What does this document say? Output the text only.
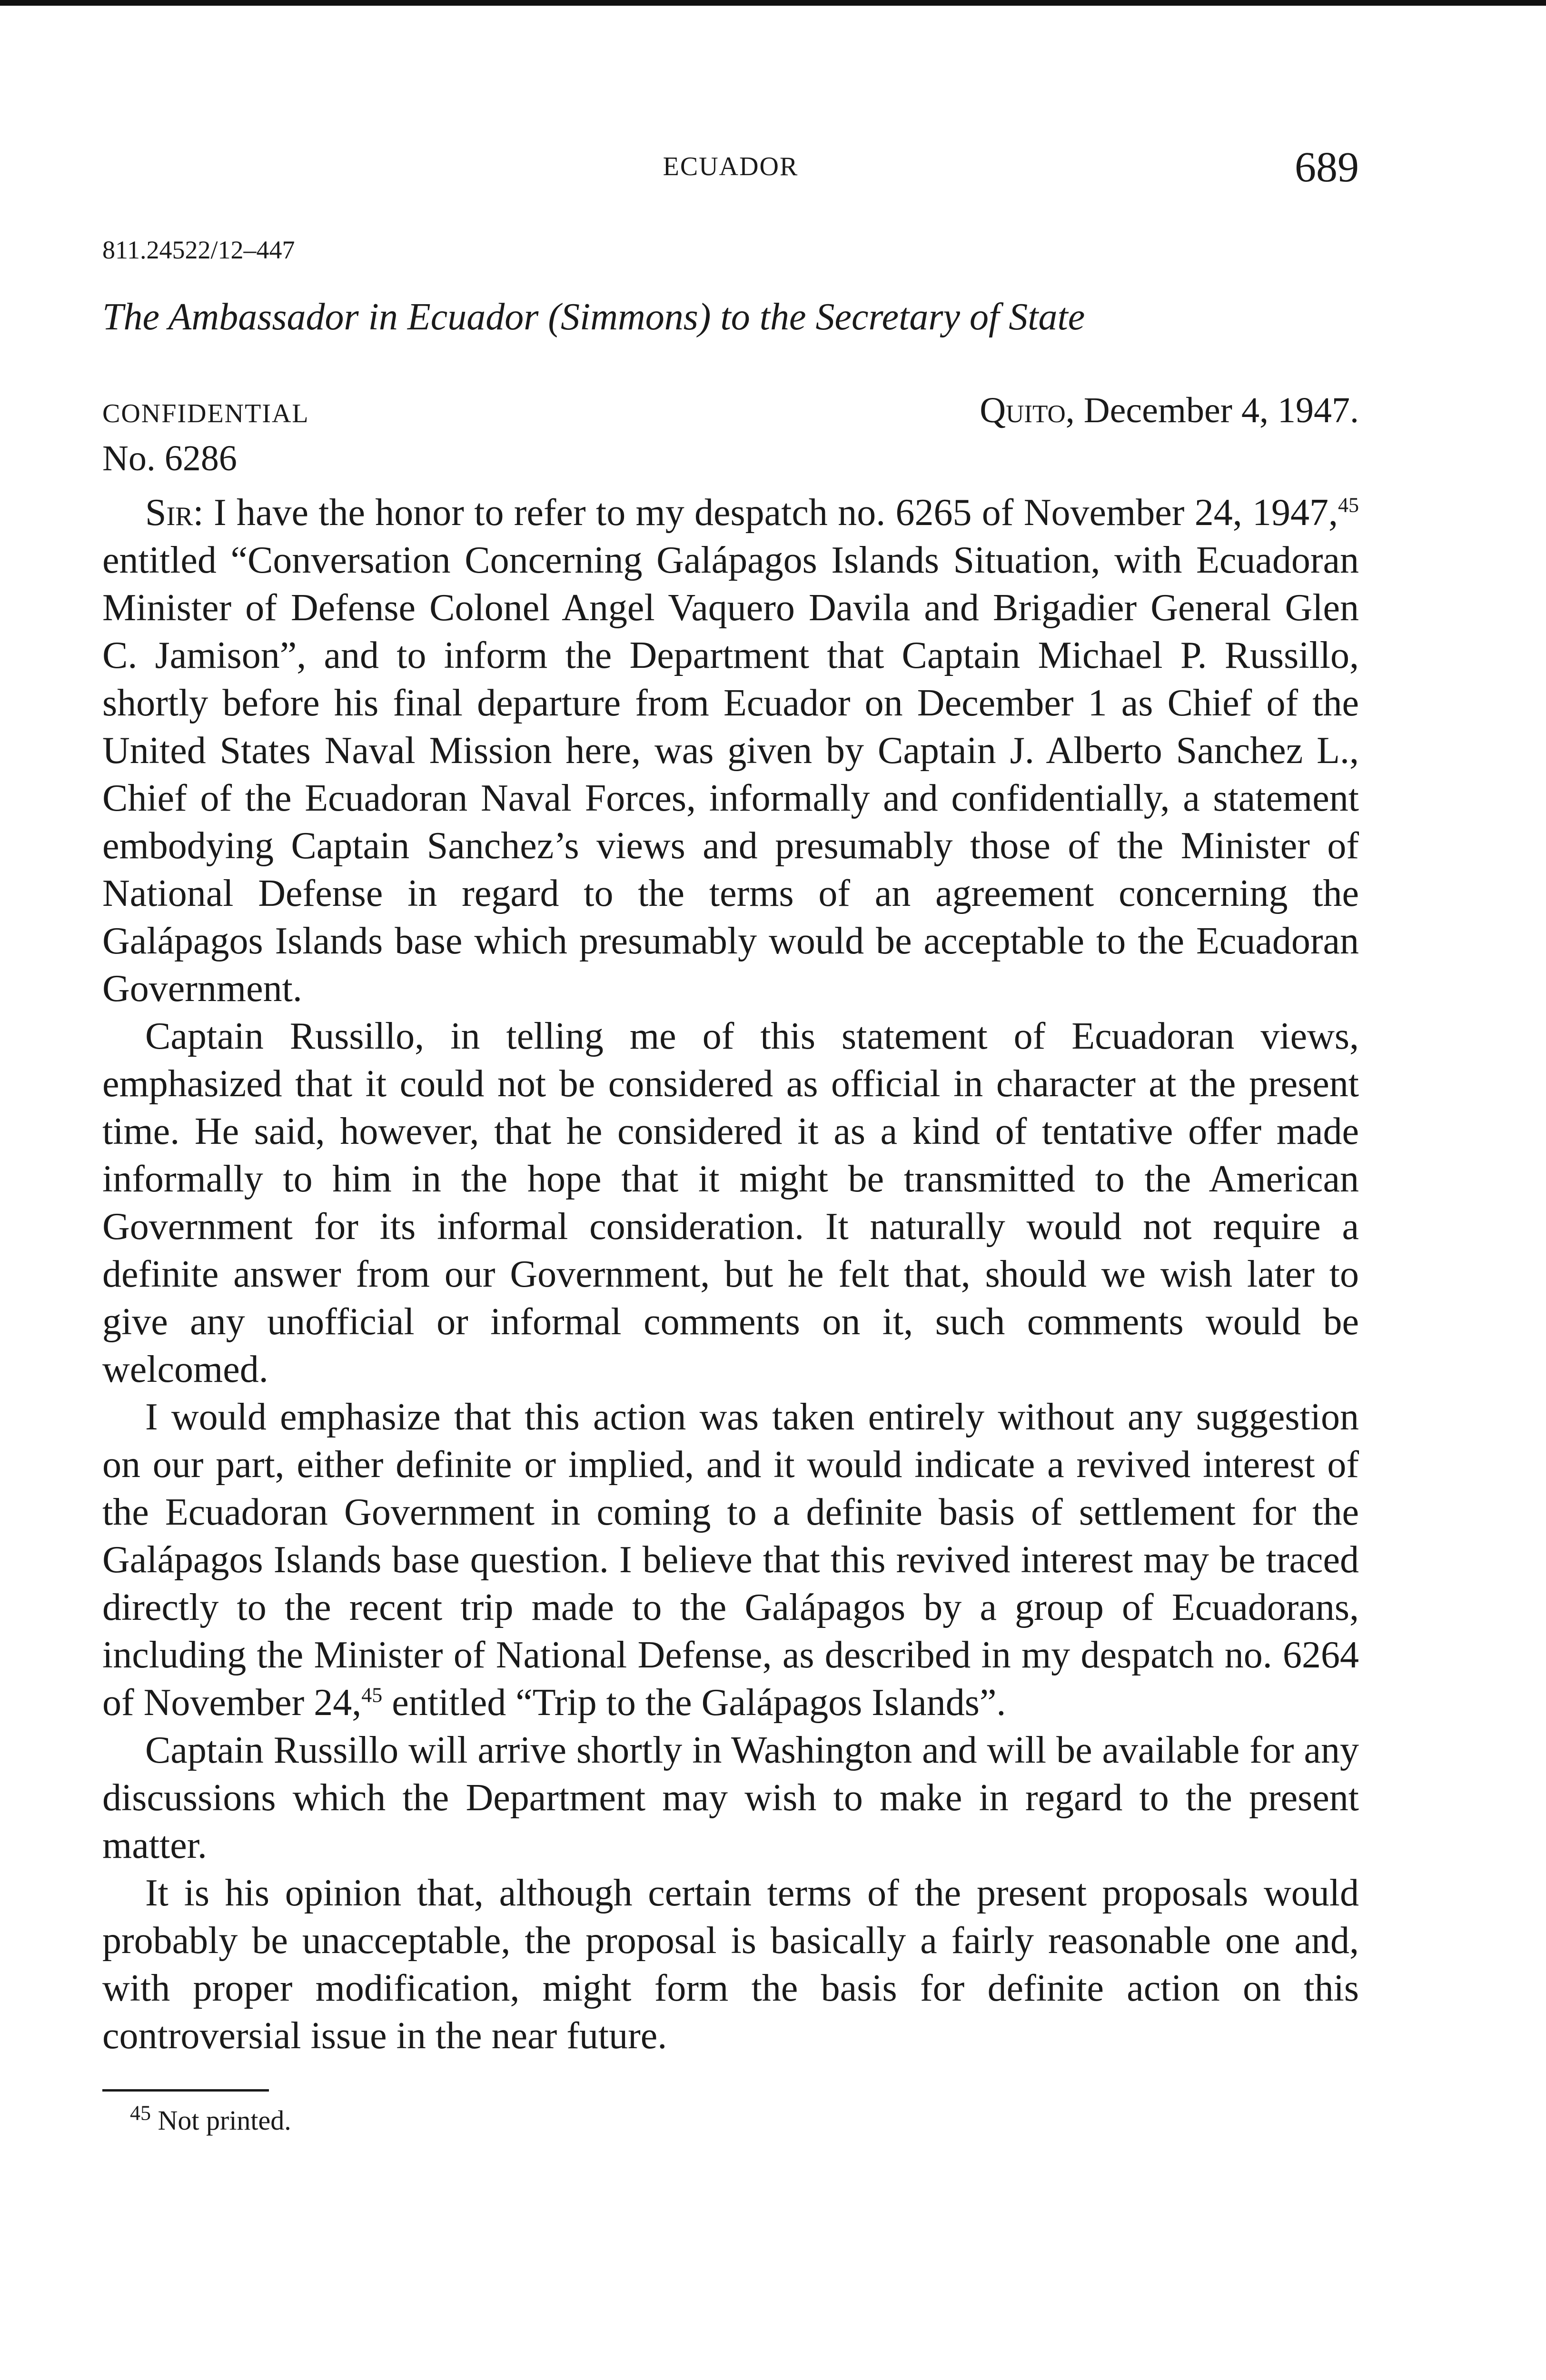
ECUADOR	689
811.24522/12–447
The Ambassador in Ecuador (Simmons) to the Secretary of State
CONFIDENTIAL	Quito, December 4, 1947.
No. 6286

Sir: I have the honor to refer to my despatch no. 6265 of November 24, 1947,45 entitled “Conversation Concerning Galápagos Islands Situation, with Ecuadoran Minister of Defense Colonel Angel Vaquero Davila and Brigadier General Glen C. Jamison”, and to inform the Department that Captain Michael P. Russillo, shortly before his final departure from Ecuador on December 1 as Chief of the United States Naval Mission here, was given by Captain J. Alberto Sanchez L., Chief of the Ecuadoran Naval Forces, informally and confidentially, a statement embodying Captain Sanchez’s views and presumably those of the Minister of National Defense in regard to the terms of an agreement concerning the Galápagos Islands base which presumably would be acceptable to the Ecuadoran Government.

Captain Russillo, in telling me of this statement of Ecuadoran views, emphasized that it could not be considered as official in character at the present time. He said, however, that he considered it as a kind of tentative offer made informally to him in the hope that it might be transmitted to the American Government for its informal consideration. It naturally would not require a definite answer from our Government, but he felt that, should we wish later to give any unofficial or informal comments on it, such comments would be welcomed.

I would emphasize that this action was taken entirely without any suggestion on our part, either definite or implied, and it would indicate a revived interest of the Ecuadoran Government in coming to a definite basis of settlement for the Galápagos Islands base question. I believe that this revived interest may be traced directly to the recent trip made to the Galápagos by a group of Ecuadorans, including the Minister of National Defense, as described in my despatch no. 6264 of November 24,45 entitled “Trip to the Galápagos Islands”.

Captain Russillo will arrive shortly in Washington and will be available for any discussions which the Department may wish to make in regard to the present matter.

It is his opinion that, although certain terms of the present proposals would probably be unacceptable, the proposal is basically a fairly reasonable one and, with proper modification, might form the basis for definite action on this controversial issue in the near future.

$^{45}$ Not printed.
